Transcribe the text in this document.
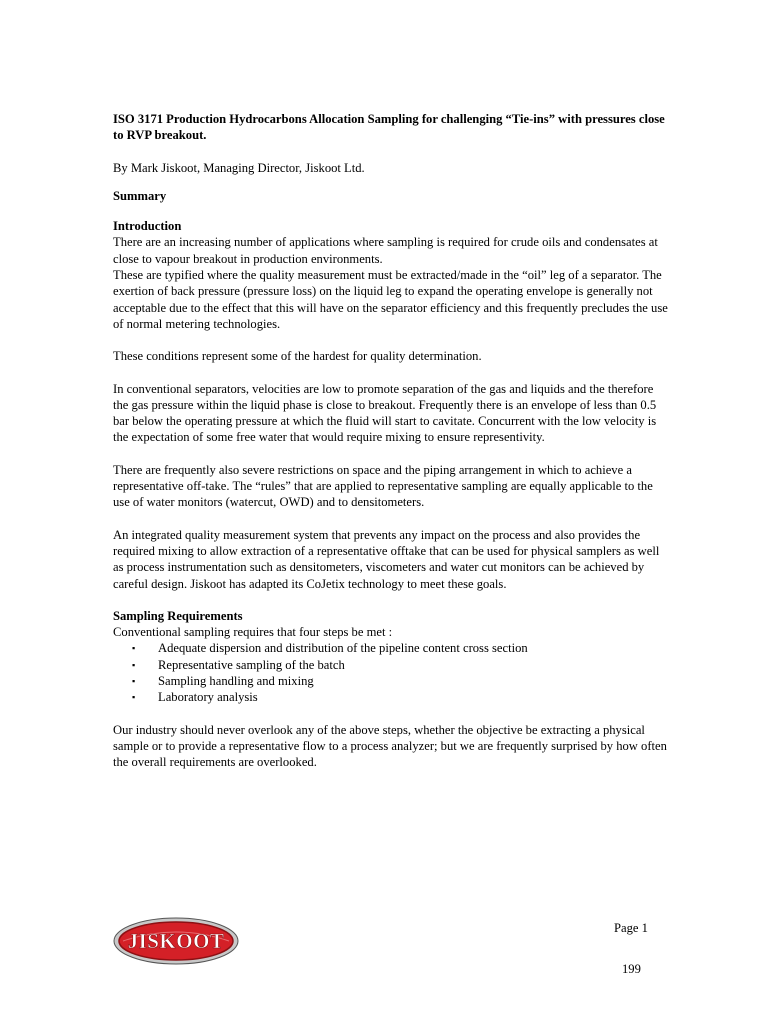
ISO 3171 Production Hydrocarbons Allocation Sampling for challenging “Tie-ins” with pressures close to RVP breakout.

By Mark Jiskoot, Managing Director, Jiskoot Ltd.

Summary

Introduction

There are an increasing number of applications where sampling is required for crude oils and condensates at close to vapour breakout in production environments.

These are typified where the quality measurement must be extracted/made in the “oil” leg of a separator. The exertion of back pressure (pressure loss) on the liquid leg to expand the operating envelope is generally not acceptable due to the effect that this will have on the separator efficiency and this frequently precludes the use of normal metering technologies.

These conditions represent some of the hardest for quality determination.

In conventional separators, velocities are low to promote separation of the gas and liquids and the therefore the gas pressure within the liquid phase is close to breakout. Frequently there is an envelope of less than 0.5 bar below the operating pressure at which the fluid will start to cavitate. Concurrent with the low velocity is the expectation of some free water that would require mixing to ensure representivity.

There are frequently also severe restrictions on space and the piping arrangement in which to achieve a representative off-take. The “rules” that are applied to representative sampling are equally applicable to the use of water monitors (watercut, OWD) and to densitometers.

An integrated quality measurement system that prevents any impact on the process and also provides the required mixing to allow extraction of a representative offtake that can be used for physical samplers as well as process instrumentation such as densitometers, viscometers and water cut monitors can be achieved by careful design. Jiskoot has adapted its CoJetix technology to meet these goals.

Sampling Requirements

Conventional sampling requires that four steps be met :

▪ Adequate dispersion and distribution of the pipeline content cross section
▪ Representative sampling of the batch
▪ Sampling handling and mixing
▪ Laboratory analysis

Our industry should never overlook any of the above steps, whether the objective be extracting a physical sample or to provide a representative flow to a process analyzer; but we are frequently surprised by how often the overall requirements are overlooked.

JISKOOT
Page 1
199
